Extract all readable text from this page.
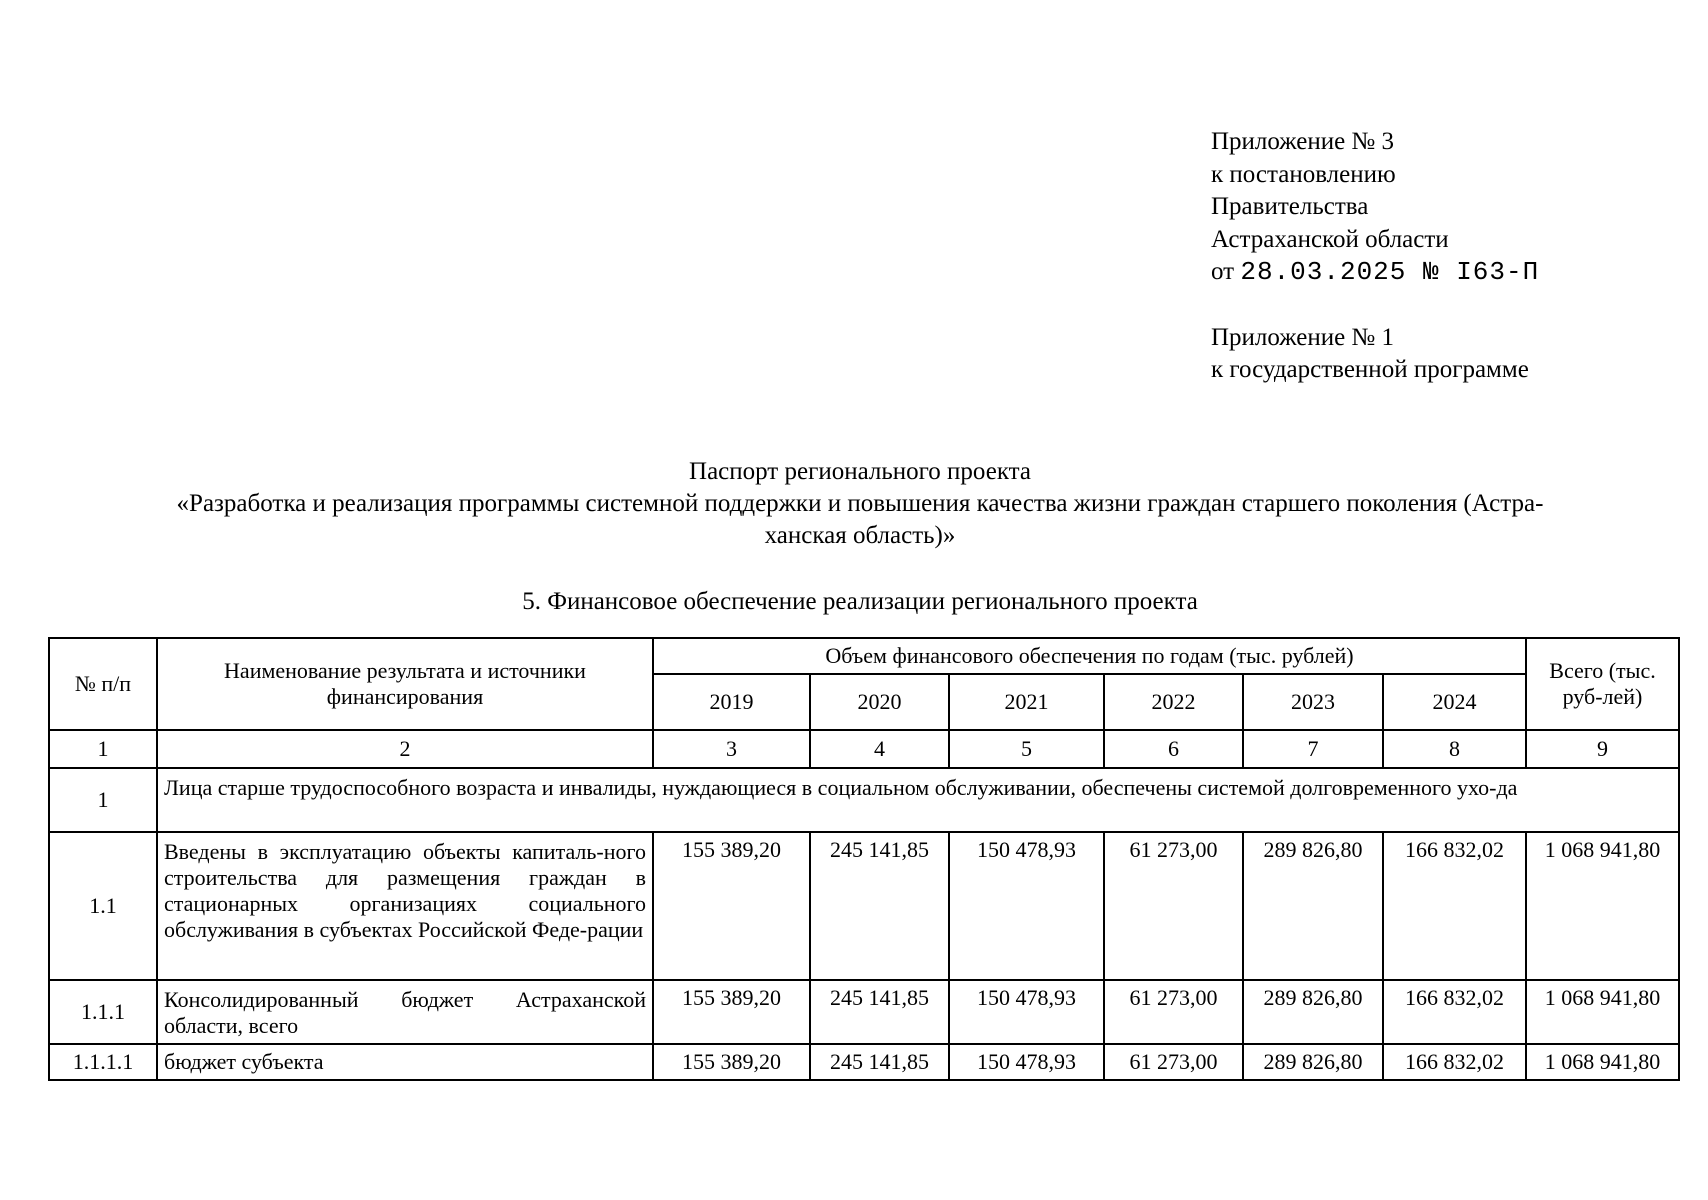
Приложение № 3
к постановлению
Правительства
Астраханской области
от 28.03.2025 № I63-П
Приложение № 1
к государственной программе
Паспорт регионального проекта
«Разработка и реализация программы системной поддержки и повышения качества жизни граждан старшего поколения (Астра-
ханская область)»
5. Финансовое обеспечение реализации регионального проекта
№ п/п	Наименование результата и источники финансирования	Объем финансового обеспечения по годам (тыс. рублей)						Всего (тыс. руб-лей)
		2019	2020	2021	2022	2023	2024	
1	2	3	4	5	6	7	8	9
1	Лица старше трудоспособного возраста и инвалиды, нуждающиеся в социальном обслуживании, обеспечены системой долговременного ухо-да							
1.1	Введены в эксплуатацию объекты капиталь-ного строительства для размещения граждан в стационарных организациях социального обслуживания в субъектах Российской Феде-рации	155 389,20	245 141,85	150 478,93	61 273,00	289 826,80	166 832,02	1 068 941,80
1.1.1	Консолидированный бюджет Астраханской области, всего	155 389,20	245 141,85	150 478,93	61 273,00	289 826,80	166 832,02	1 068 941,80
1.1.1.1	бюджет субъекта	155 389,20	245 141,85	150 478,93	61 273,00	289 826,80	166 832,02	1 068 941,80
